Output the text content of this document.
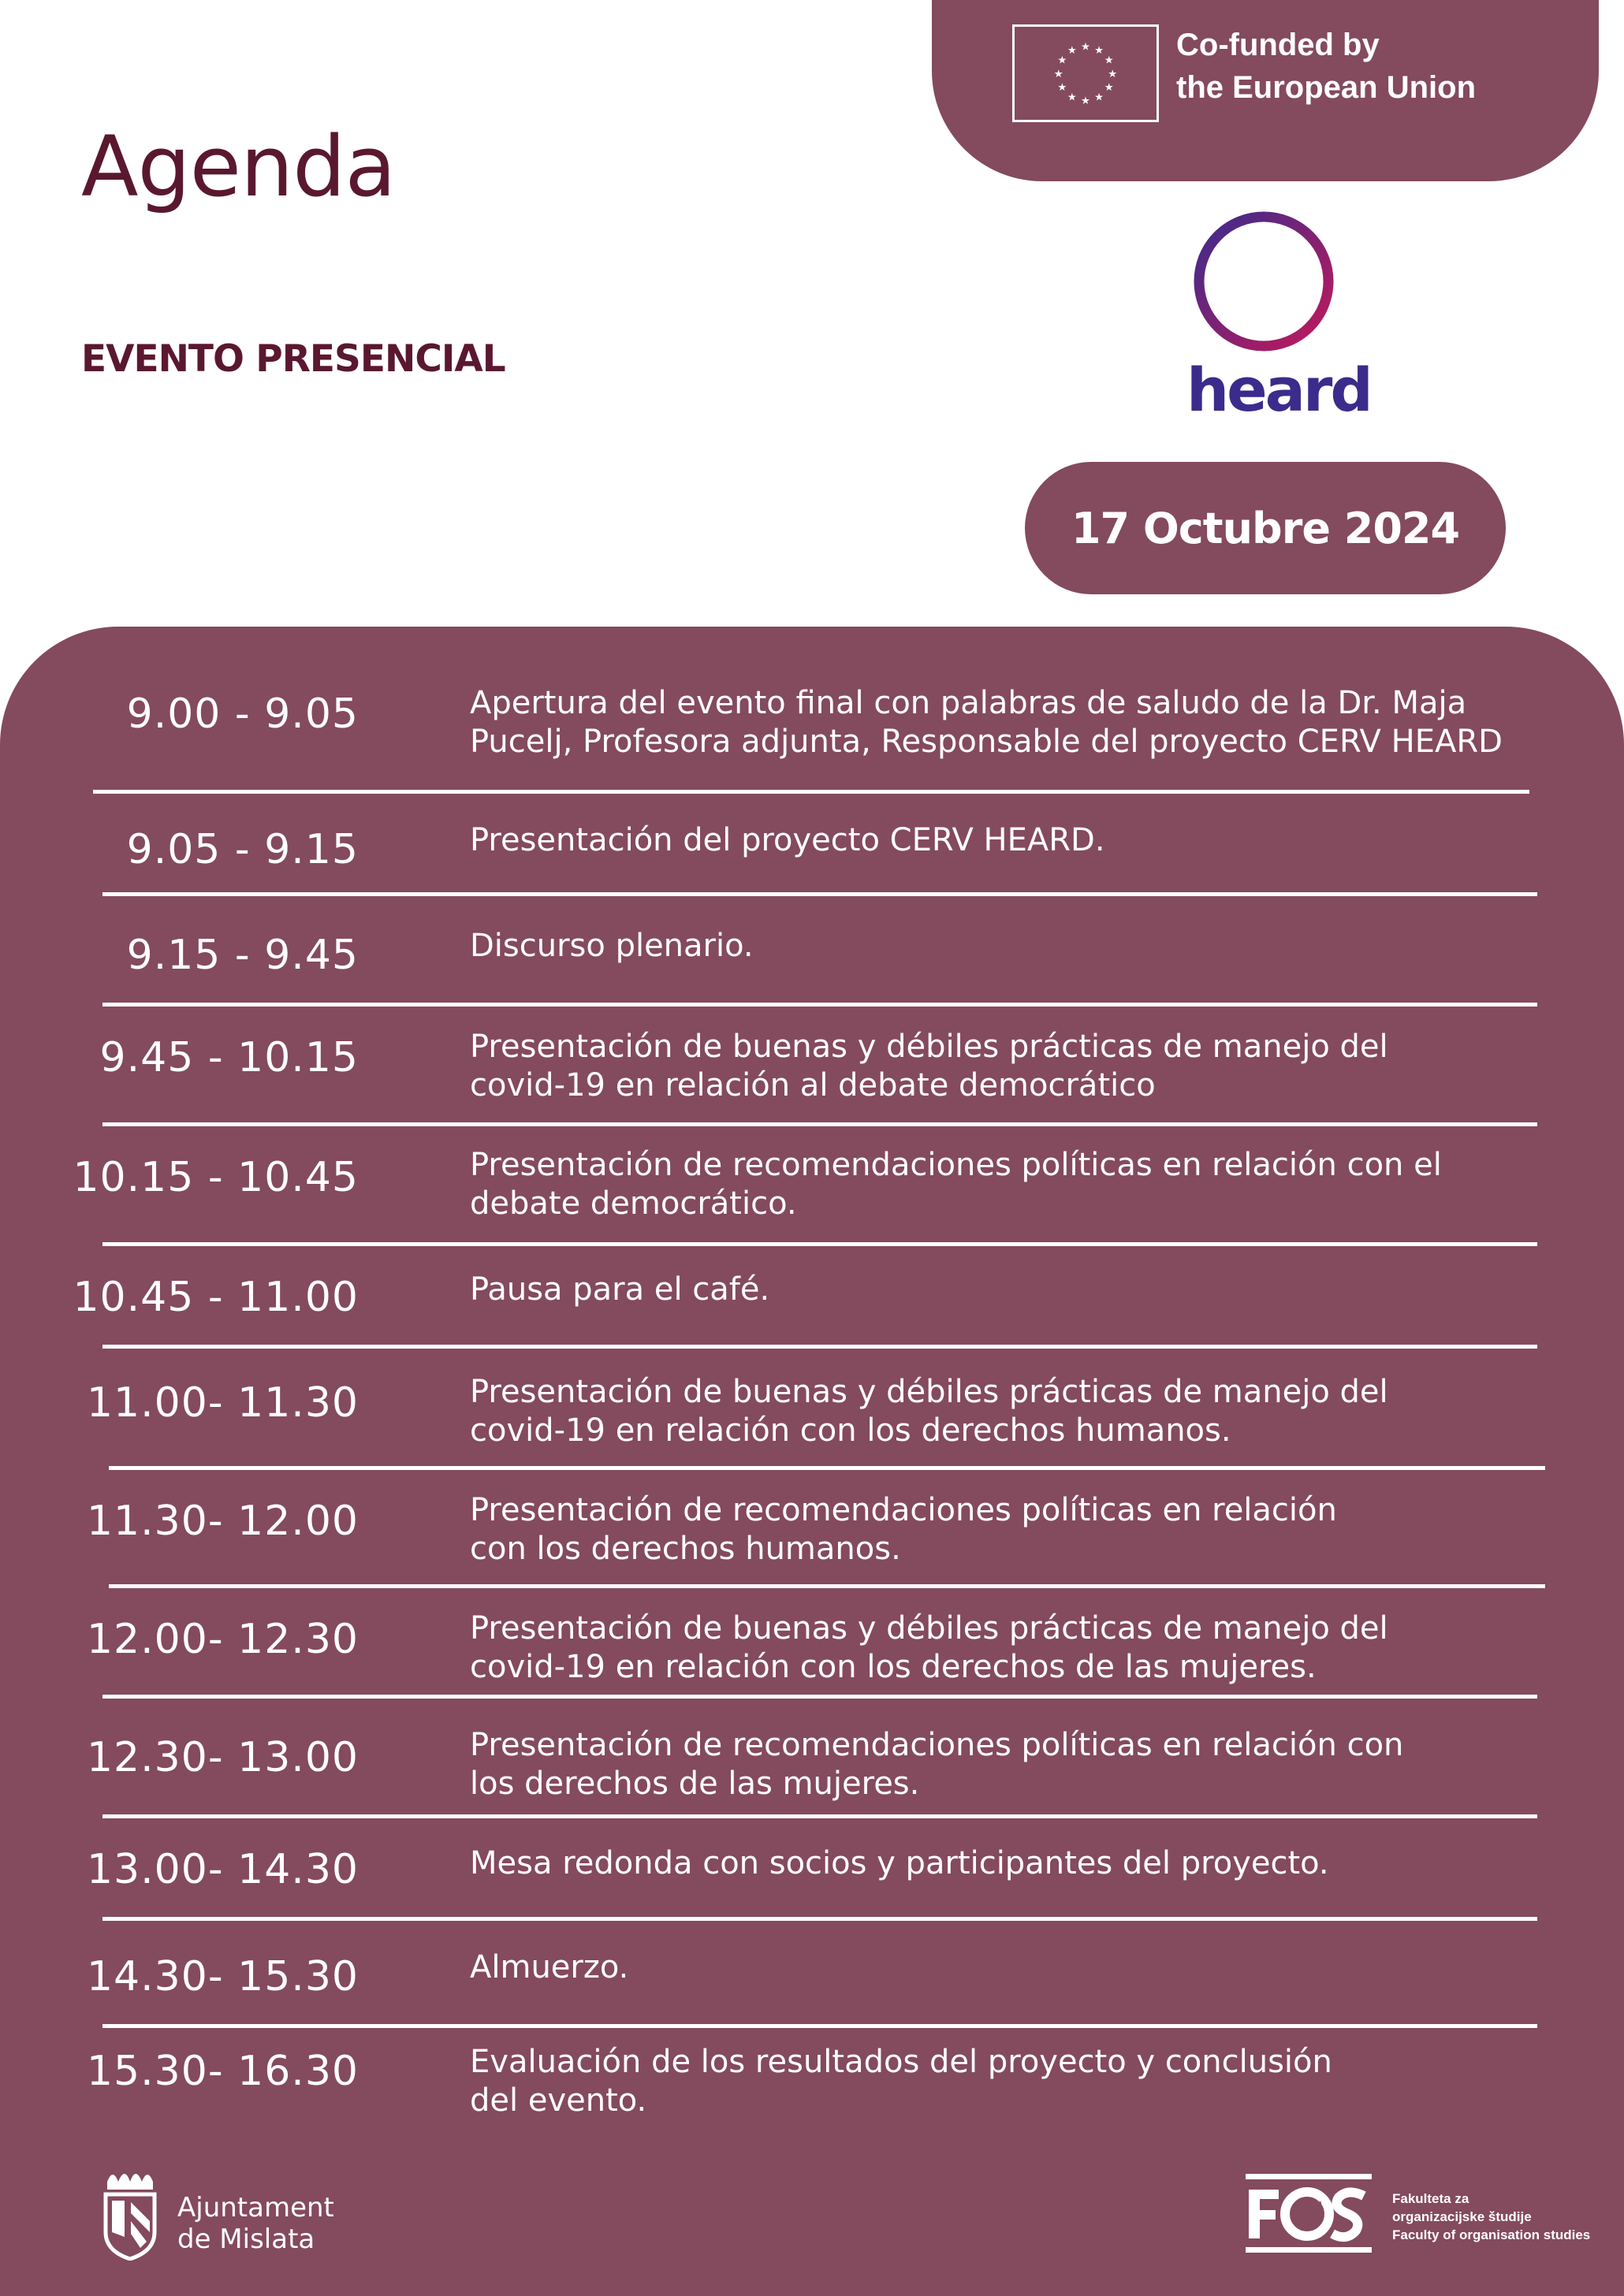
★ ★
★
★
★
★
★
★
★
★
★
★	Co-funded by
the European Union
Agenda
EVENTO PRESENCIAL	heard
17 Octubre 2024
9.00 - 9.05	Apertura del evento final con palabras de saludo de la Dr. Maja
Pucelj, Profesora adjunta, Responsable del proyecto CERV HEARD
9.05 - 9.15	Presentación del proyecto CERV HEARD.
9.15 - 9.45	Discurso plenario.
9.45 - 10.15	Presentación de buenas y débiles prácticas de manejo del
covid-19 en relación al debate democrático
10.15 - 10.45	Presentación de recomendaciones políticas en relación con el
debate democrático.
10.45 - 11.00	Pausa para el café.
11.00- 11.30	Presentación de buenas y débiles prácticas de manejo del
covid-19 en relación con los derechos humanos.
11.30- 12.00	Presentación de recomendaciones políticas en relación
con los derechos humanos.
12.00- 12.30	Presentación de buenas y débiles prácticas de manejo del
covid-19 en relación con los derechos de las mujeres.
12.30- 13.00	Presentación de recomendaciones políticas en relación con
los derechos de las mujeres.
13.00- 14.30	Mesa redonda con socios y participantes del proyecto.
14.30- 15.30	Almuerzo.
15.30- 16.30	Evaluación de los resultados del proyecto y conclusión
del evento.
Ajuntament
de Mislata
Fakulteta za
organizacijske študije
Faculty of organisation studies
